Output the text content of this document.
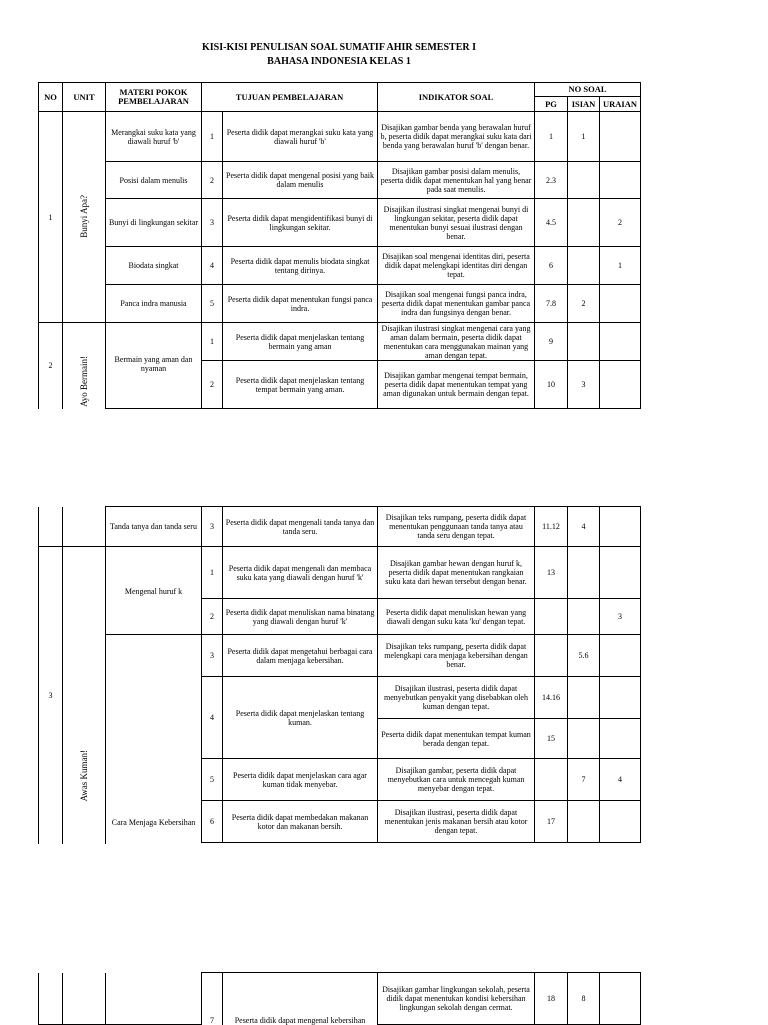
KISI-KISI PENULISAN SOAL SUMATIF AHIR SEMESTER I
BAHASA INDONESIA KELAS 1
NO	UNIT	MATERI POKOK PEMBELAJARAN	TUJUAN PEMBELAJARAN		INDIKATOR SOAL	NO SOAL		
						PG	ISIAN	URAIAN
1	Bunyi Apa?	Merangkai suku kata yang diawali huruf 'b'	1	Peserta didik dapat merangkai suku kata yang diawali huruf 'b'	Disajikan gambar benda yang berawalan huruf b, peserta didik dapat merangkai suku kata dari benda yang berawalan huruf 'b' dengan benar.	1	1	
		Posisi dalam menulis	2	Peserta didik dapat mengenal posisi yang baik dalam menulis	Disajikan gambar posisi dalam menulis, peserta didik dapat menentukan hal yang benar pada saat menulis.	2.3		
		Bunyi di lingkungan sekitar	3	Peserta didik dapat mengidentifikasi bunyi di lingkungan sekitar.	Disajikan ilustrasi singkat mengenai bunyi di lingkungan sekitar, peserta didik dapat menentukan bunyi sesuai ilustrasi dengan benar.	4.5		2
		Biodata singkat	4	Peserta didik dapat menulis biodata singkat tentang dirinya.	Disajikan soal mengenai identitas diri, peserta didik dapat melengkapi identitas diri dengan tepat.	6		1
		Panca indra manusia	5	Peserta didik dapat menentukan fungsi panca indra.	Disajikan soal mengenai fungsi panca indra, peserta didik dapat menentukan gambar panca indra dan fungsinya dengan benar.	7.8	2	
2	Ayo Bermain!	Bermain yang aman dan nyaman	1	Peserta didik dapat menjelaskan tentang bermain yang aman	Disajikan ilustrasi singkat mengenai cara yang aman dalam bermain, peserta didik dapat menentukan cara menggunakan mainan yang aman dengan tepat.	9		
			2	Peserta didik dapat menjelaskan tentang tempat bermain yang aman.	Disajikan gambar mengenai tempat bermain, peserta didik dapat menentukan tempat yang aman digunakan untuk bermain dengan tepat.	10	3	
		Tanda tanya dan tanda seru	3	Peserta didik dapat mengenali tanda tanya dan tanda seru.	Disajikan teks rumpang, peserta didik dapat menentukan penggunaan tanda tanya atau tanda seru dengan tepat.	11.12	4	
3	Awas Kuman!	Mengenal huruf k	1	Peserta didik dapat mengenali dan membaca suku kata yang diawali dengan huruf 'k'	Disajikan gambar hewan dengan huruf k, peserta didik dapat menentukan rangkaian suku kata dari hewan tersebut dengan benar.	13		
			2	Peserta didik dapat menuliskan nama binatang yang diawali dengan huruf 'k'	Peserta didik dapat menuliskan hewan yang diawali dengan suku kata 'ku' dengan tepat.			3
		Cara Menjaga Kebersihan	3	Peserta didik dapat mengetahui berbagai cara dalam menjaga kebersihan.	Disajikan teks rumpang, peserta didik dapat melengkapi cara menjaga kebersihan dengan benar.		5.6	
			4	Peserta didik dapat menjelaskan tentang kuman.	Disajikan ilustrasi, peserta didik dapat menyebutkan penyakit yang disebabkan oleh kuman dengan tepat.	14.16		
					Peserta didik dapat menentukan tempat kuman berada dengan tepat.	15		
			5	Peserta didik dapat menjelaskan cara agar kuman tidak menyebar.	Disajikan gambar, peserta didik dapat menyebutkan cara untuk mencegah kuman menyebar dengan tepat.		7	4
			6	Peserta didik dapat membedakan makanan kotor dan makanan bersih.	Disajikan ilustrasi, peserta didik dapat menentukan jenis makanan bersih atau kotor dengan tepat.	17		

			7	Peserta didik dapat mengenal kebersihan	Disajikan gambar lingkungan sekolah, peserta didik dapat menentukan kondisi kebersihan lingkungan sekolah dengan cermat.	18	8	
